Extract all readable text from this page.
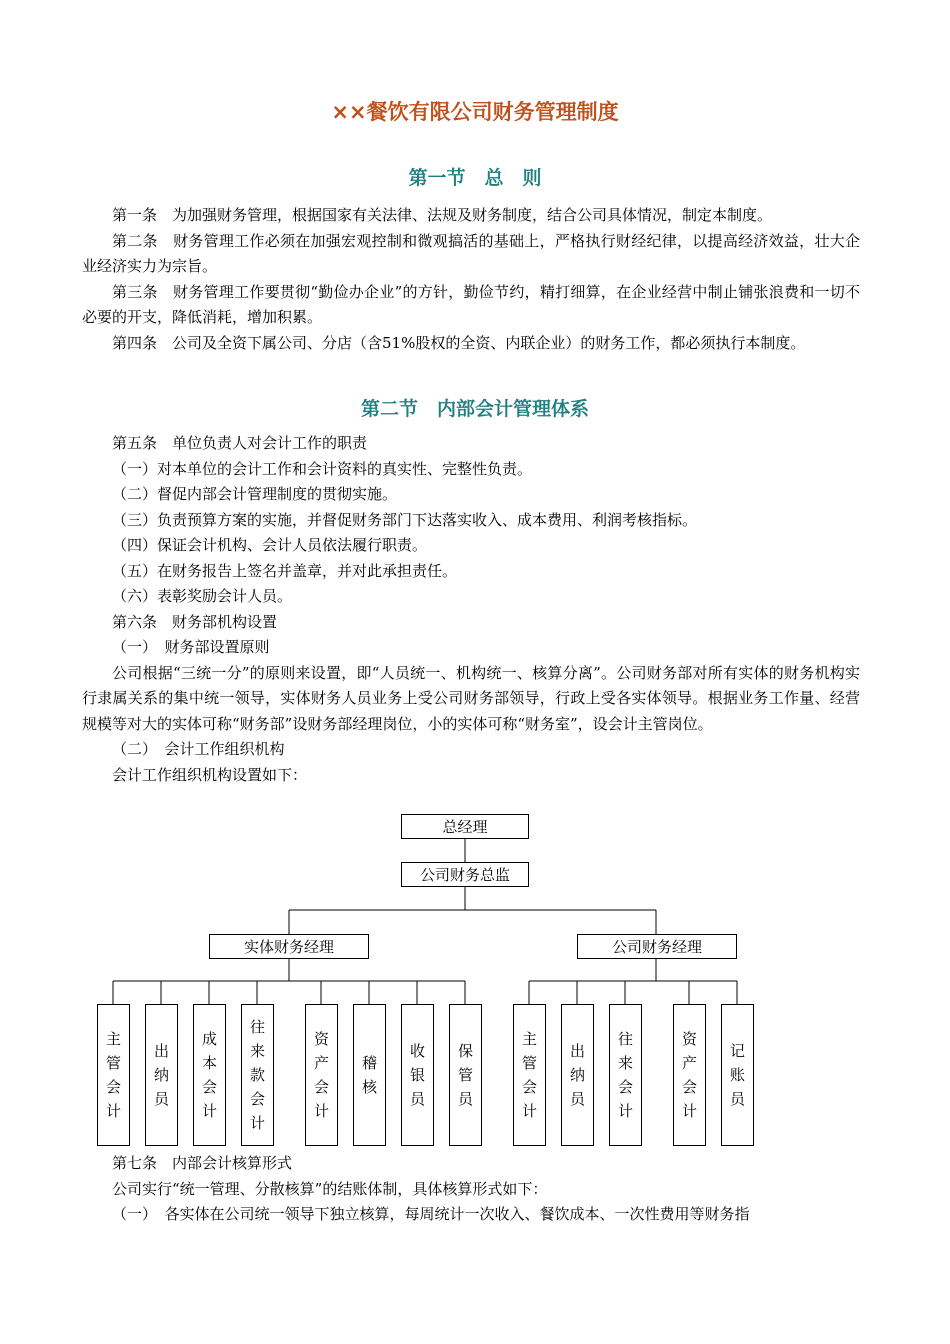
××餐饮有限公司财务管理制度
第一节　总　则

第一条　为加强财务管理，根据国家有关法律、法规及财务制度，结合公司具体情况，制定本制度。

第二条　财务管理工作必须在加强宏观控制和微观搞活的基础上，严格执行财经纪律，以提高经济效益，壮大企业经济实力为宗旨。

第三条　财务管理工作要贯彻“勤俭办企业”的方针，勤俭节约，精打细算，在企业经营中制止铺张浪费和一切不必要的开支，降低消耗，增加积累。

第四条　公司及全资下属公司、分店（含51%股权的全资、内联企业）的财务工作，都必须执行本制度。

第二节　内部会计管理体系

第五条　单位负责人对会计工作的职责

（一）对本单位的会计工作和会计资料的真实性、完整性负责。

（二）督促内部会计管理制度的贯彻实施。

（三）负责预算方案的实施，并督促财务部门下达落实收入、成本费用、利润考核指标。

（四）保证会计机构、会计人员依法履行职责。

（五）在财务报告上签名并盖章，并对此承担责任。

（六）表彰奖励会计人员。

第六条　财务部机构设置

（一）　财务部设置原则

公司根据“三统一分”的原则来设置，即“人员统一、机构统一、核算分离”。公司财务部对所有实体的财务机构实行隶属关系的集中统一领导，实体财务人员业务上受公司财务部领导，行政上受各实体领导。根据业务工作量、经营规模等对大的实体可称“财务部”设财务部经理岗位，小的实体可称“财务室”，设会计主管岗位。

（二）　会计工作组织机构

会计工作组织机构设置如下：

总经理
公司财务总监
实体财务经理	公司财务经理
主管会计
出纳员
成本会计
往来款会计
资产会计
稽核
收银员
保管员
主管会计
出纳员
往来会计
资产会计
记账员

第七条　内部会计核算形式

公司实行“统一管理、分散核算”的结账体制，具体核算形式如下：

（一）　各实体在公司统一领导下独立核算，每周统计一次收入、餐饮成本、一次性费用等财务指
